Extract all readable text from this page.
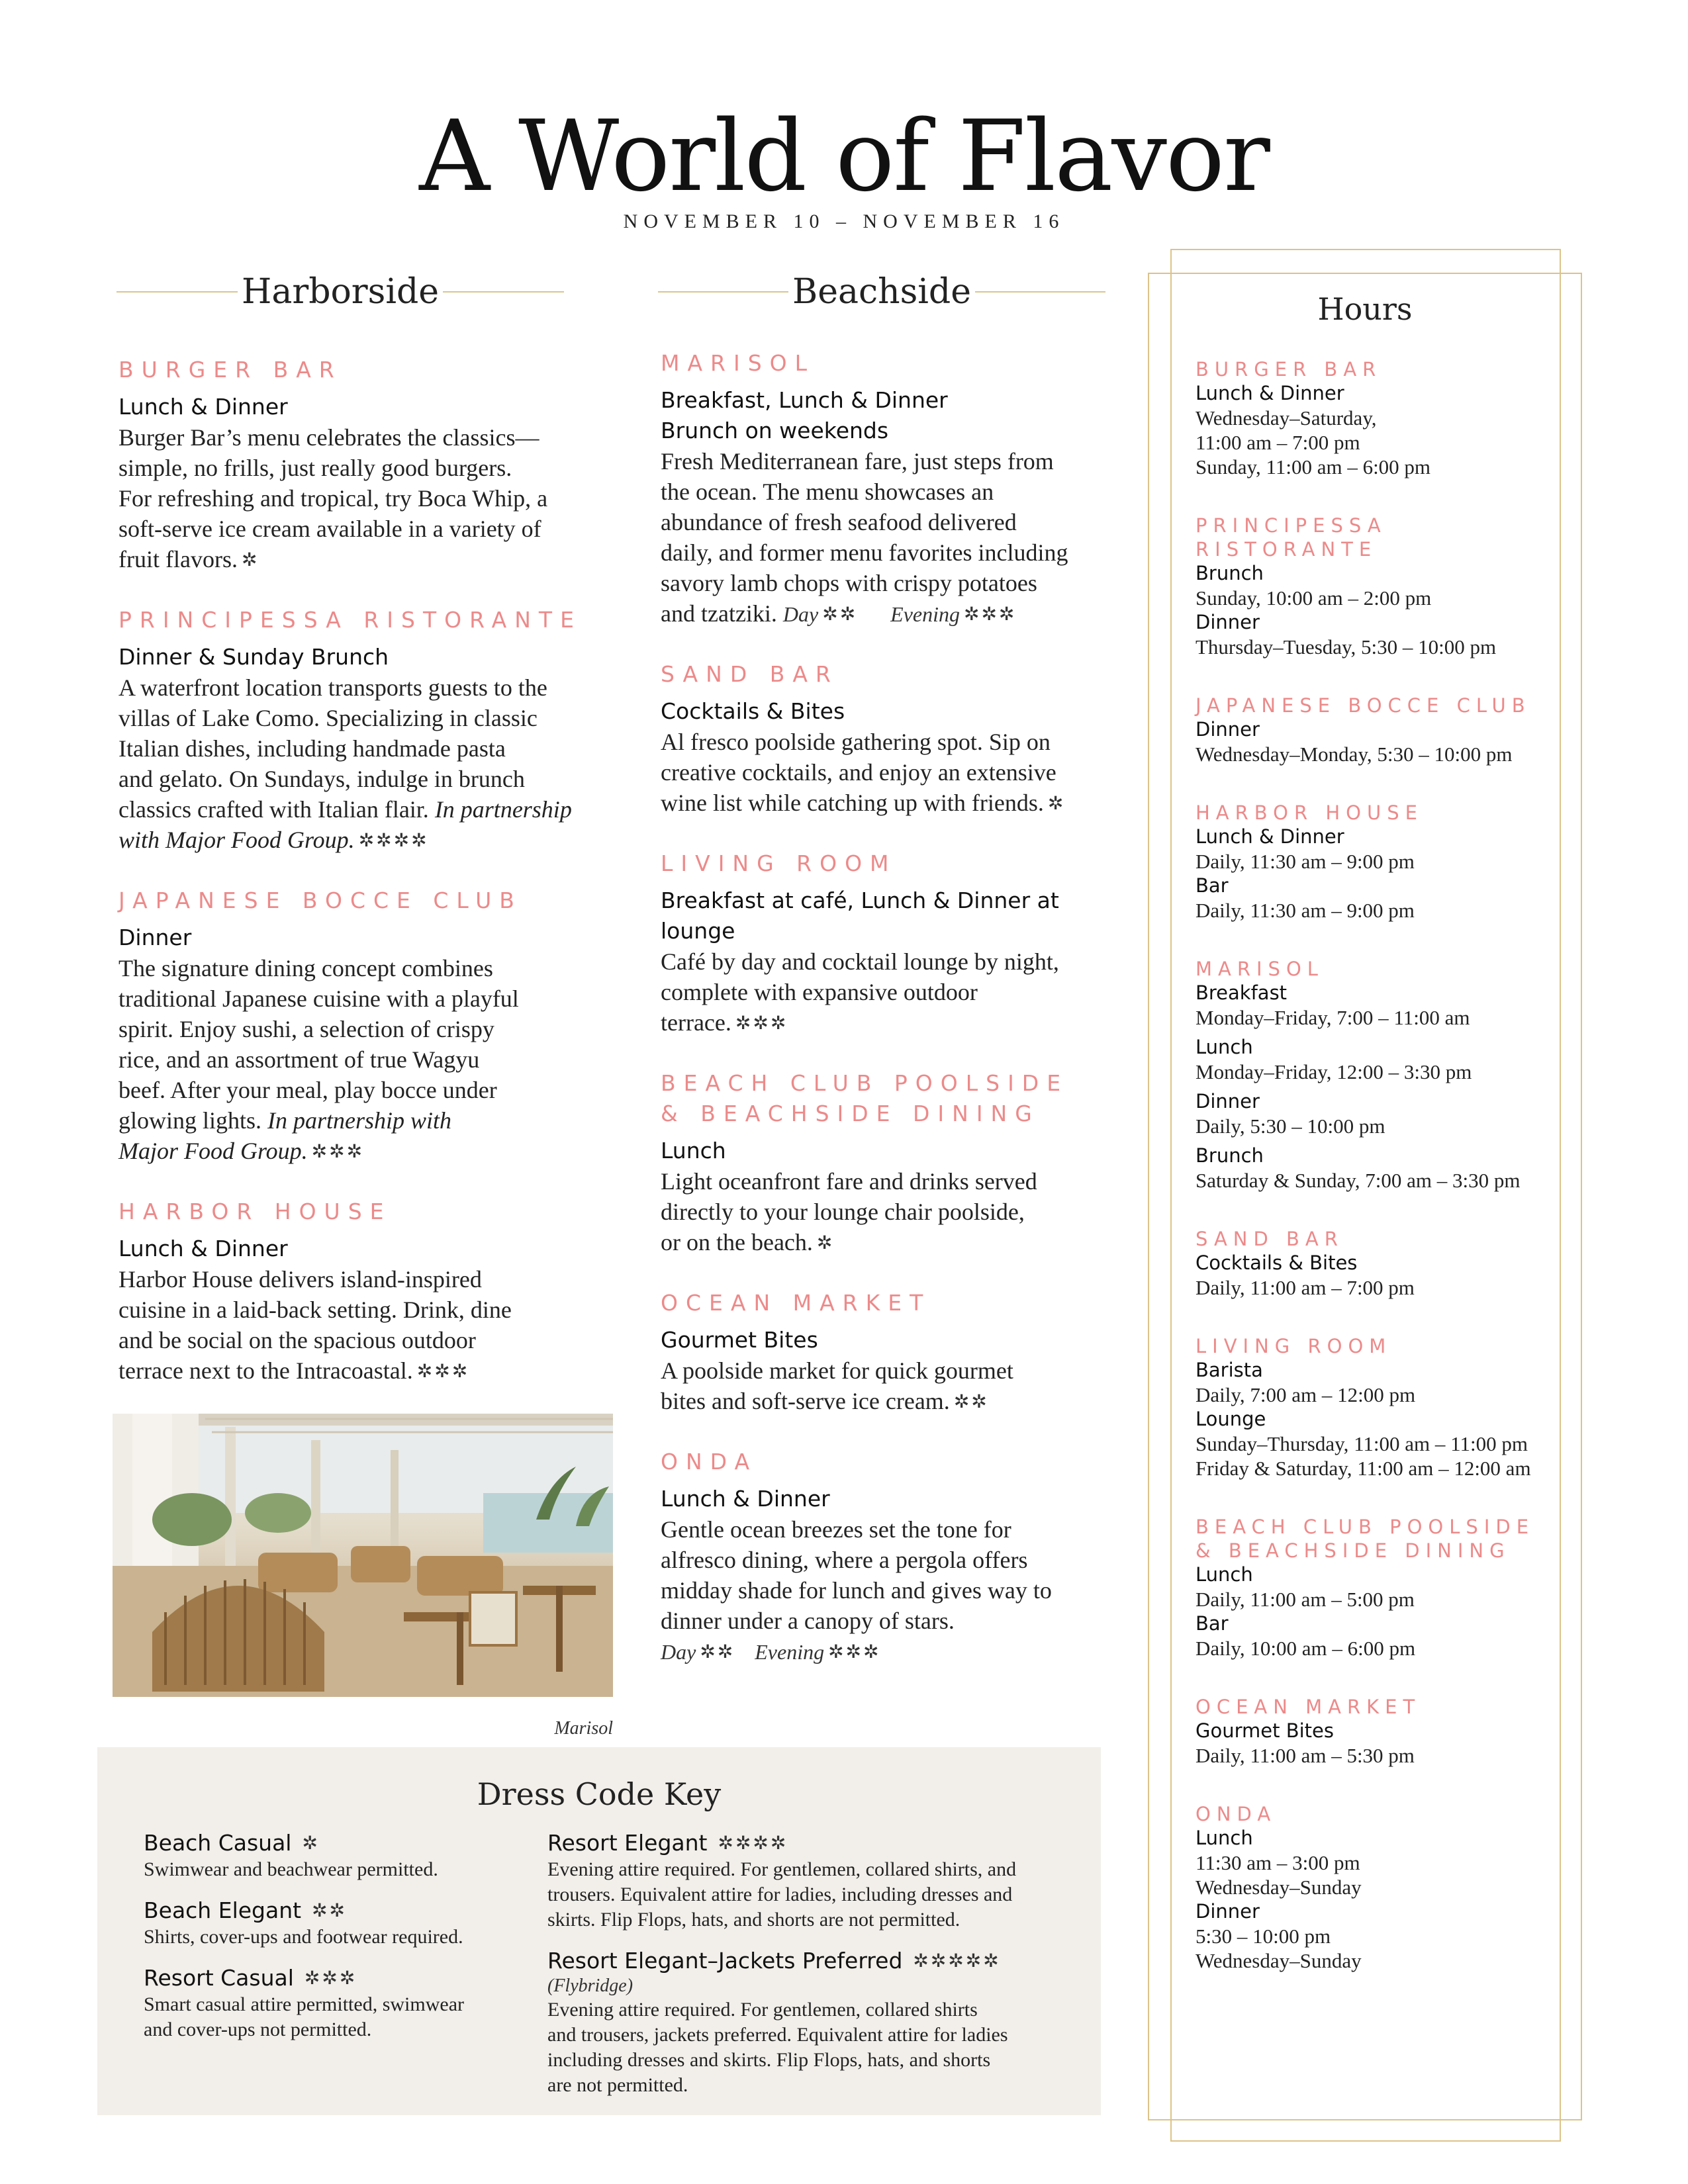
A World of Flavor
NOVEMBER 10 – NOVEMBER 16
Harborside	Beachside
BURGER BAR
Lunch & Dinner
Burger Bar’s menu celebrates the classics—
simple, no frills, just really good burgers.
For refreshing and tropical, try Boca Whip, a
soft-serve ice cream available in a variety of
fruit flavors. ✲
PRINCIPESSA RISTORANTE
Dinner & Sunday Brunch
A waterfront location transports guests to the
villas of Lake Como. Specializing in classic
Italian dishes, including handmade pasta
and gelato. On Sundays, indulge in brunch
classics crafted with Italian flair. In partnership
with Major Food Group. ✲✲✲✲
JAPANESE BOCCE CLUB
Dinner
The signature dining concept combines
traditional Japanese cuisine with a playful
spirit. Enjoy sushi, a selection of crispy
rice, and an assortment of true Wagyu
beef. After your meal, play bocce under
glowing lights. In partnership with
Major Food Group. ✲✲✲
HARBOR HOUSE
Lunch & Dinner
Harbor House delivers island-inspired
cuisine in a laid-back setting. Drink, dine
and be social on the spacious outdoor
terrace next to the Intracoastal. ✲✲✲
Marisol
MARISOL
Breakfast, Lunch & Dinner
Brunch on weekends
Fresh Mediterranean fare, just steps from
the ocean. The menu showcases an
abundance of fresh seafood delivered
daily, and former menu favorites including
savory lamb chops with crispy potatoes
and tzatziki. Day ✲✲ Evening ✲✲✲
SAND BAR
Cocktails & Bites
Al fresco poolside gathering spot. Sip on
creative cocktails, and enjoy an extensive
wine list while catching up with friends. ✲
LIVING ROOM
Breakfast at café, Lunch & Dinner at lounge
Café by day and cocktail lounge by night,
complete with expansive outdoor
terrace. ✲✲✲
BEACH CLUB POOLSIDE
& BEACHSIDE DINING
Lunch
Light oceanfront fare and drinks served
directly to your lounge chair poolside,
or on the beach. ✲
OCEAN MARKET
Gourmet Bites
A poolside market for quick gourmet
bites and soft-serve ice cream. ✲✲
ONDA
Lunch & Dinner
Gentle ocean breezes set the tone for
alfresco dining, where a pergola offers
midday shade for lunch and gives way to
dinner under a canopy of stars.
Day ✲✲ Evening ✲✲✲
Hours
BURGER BAR
Lunch & Dinner
Wednesday–Saturday,
11:00 am – 7:00 pm
Sunday, 11:00 am – 6:00 pm
PRINCIPESSA RISTORANTE
Brunch
Sunday, 10:00 am – 2:00 pm
Dinner
Thursday–Tuesday, 5:30 – 10:00 pm
JAPANESE BOCCE CLUB
Dinner
Wednesday–Monday, 5:30 – 10:00 pm
HARBOR HOUSE
Lunch & Dinner
Daily, 11:30 am – 9:00 pm
Bar
Daily, 11:30 am – 9:00 pm
MARISOL
Breakfast
Monday–Friday, 7:00 – 11:00 am
Lunch
Monday–Friday, 12:00 – 3:30 pm
Dinner
Daily, 5:30 – 10:00 pm
Brunch
Saturday & Sunday, 7:00 am – 3:30 pm
SAND BAR
Cocktails & Bites
Daily, 11:00 am – 7:00 pm
LIVING ROOM
Barista
Daily, 7:00 am – 12:00 pm
Lounge
Sunday–Thursday, 11:00 am – 11:00 pm
Friday & Saturday, 11:00 am – 12:00 am
BEACH CLUB POOLSIDE
& BEACHSIDE DINING
Lunch
Daily, 11:00 am – 5:00 pm
Bar
Daily, 10:00 am – 6:00 pm
OCEAN MARKET
Gourmet Bites
Daily, 11:00 am – 5:30 pm
ONDA
Lunch
11:30 am – 3:00 pm
Wednesday–Sunday
Dinner
5:30 – 10:00 pm
Wednesday–Sunday
Dress Code Key
Beach Casual ✲
Swimwear and beachwear permitted.
Beach Elegant ✲✲
Shirts, cover-ups and footwear required.
Resort Casual ✲✲✲
Smart casual attire permitted, swimwear
and cover-ups not permitted.
Resort Elegant ✲✲✲✲
Evening attire required. For gentlemen, collared shirts, and
trousers. Equivalent attire for ladies, including dresses and
skirts. Flip Flops, hats, and shorts are not permitted.
Resort Elegant–Jackets Preferred ✲✲✲✲✲
(Flybridge)
Evening attire required. For gentlemen, collared shirts
and trousers, jackets preferred. Equivalent attire for ladies
including dresses and skirts. Flip Flops, hats, and shorts
are not permitted.
